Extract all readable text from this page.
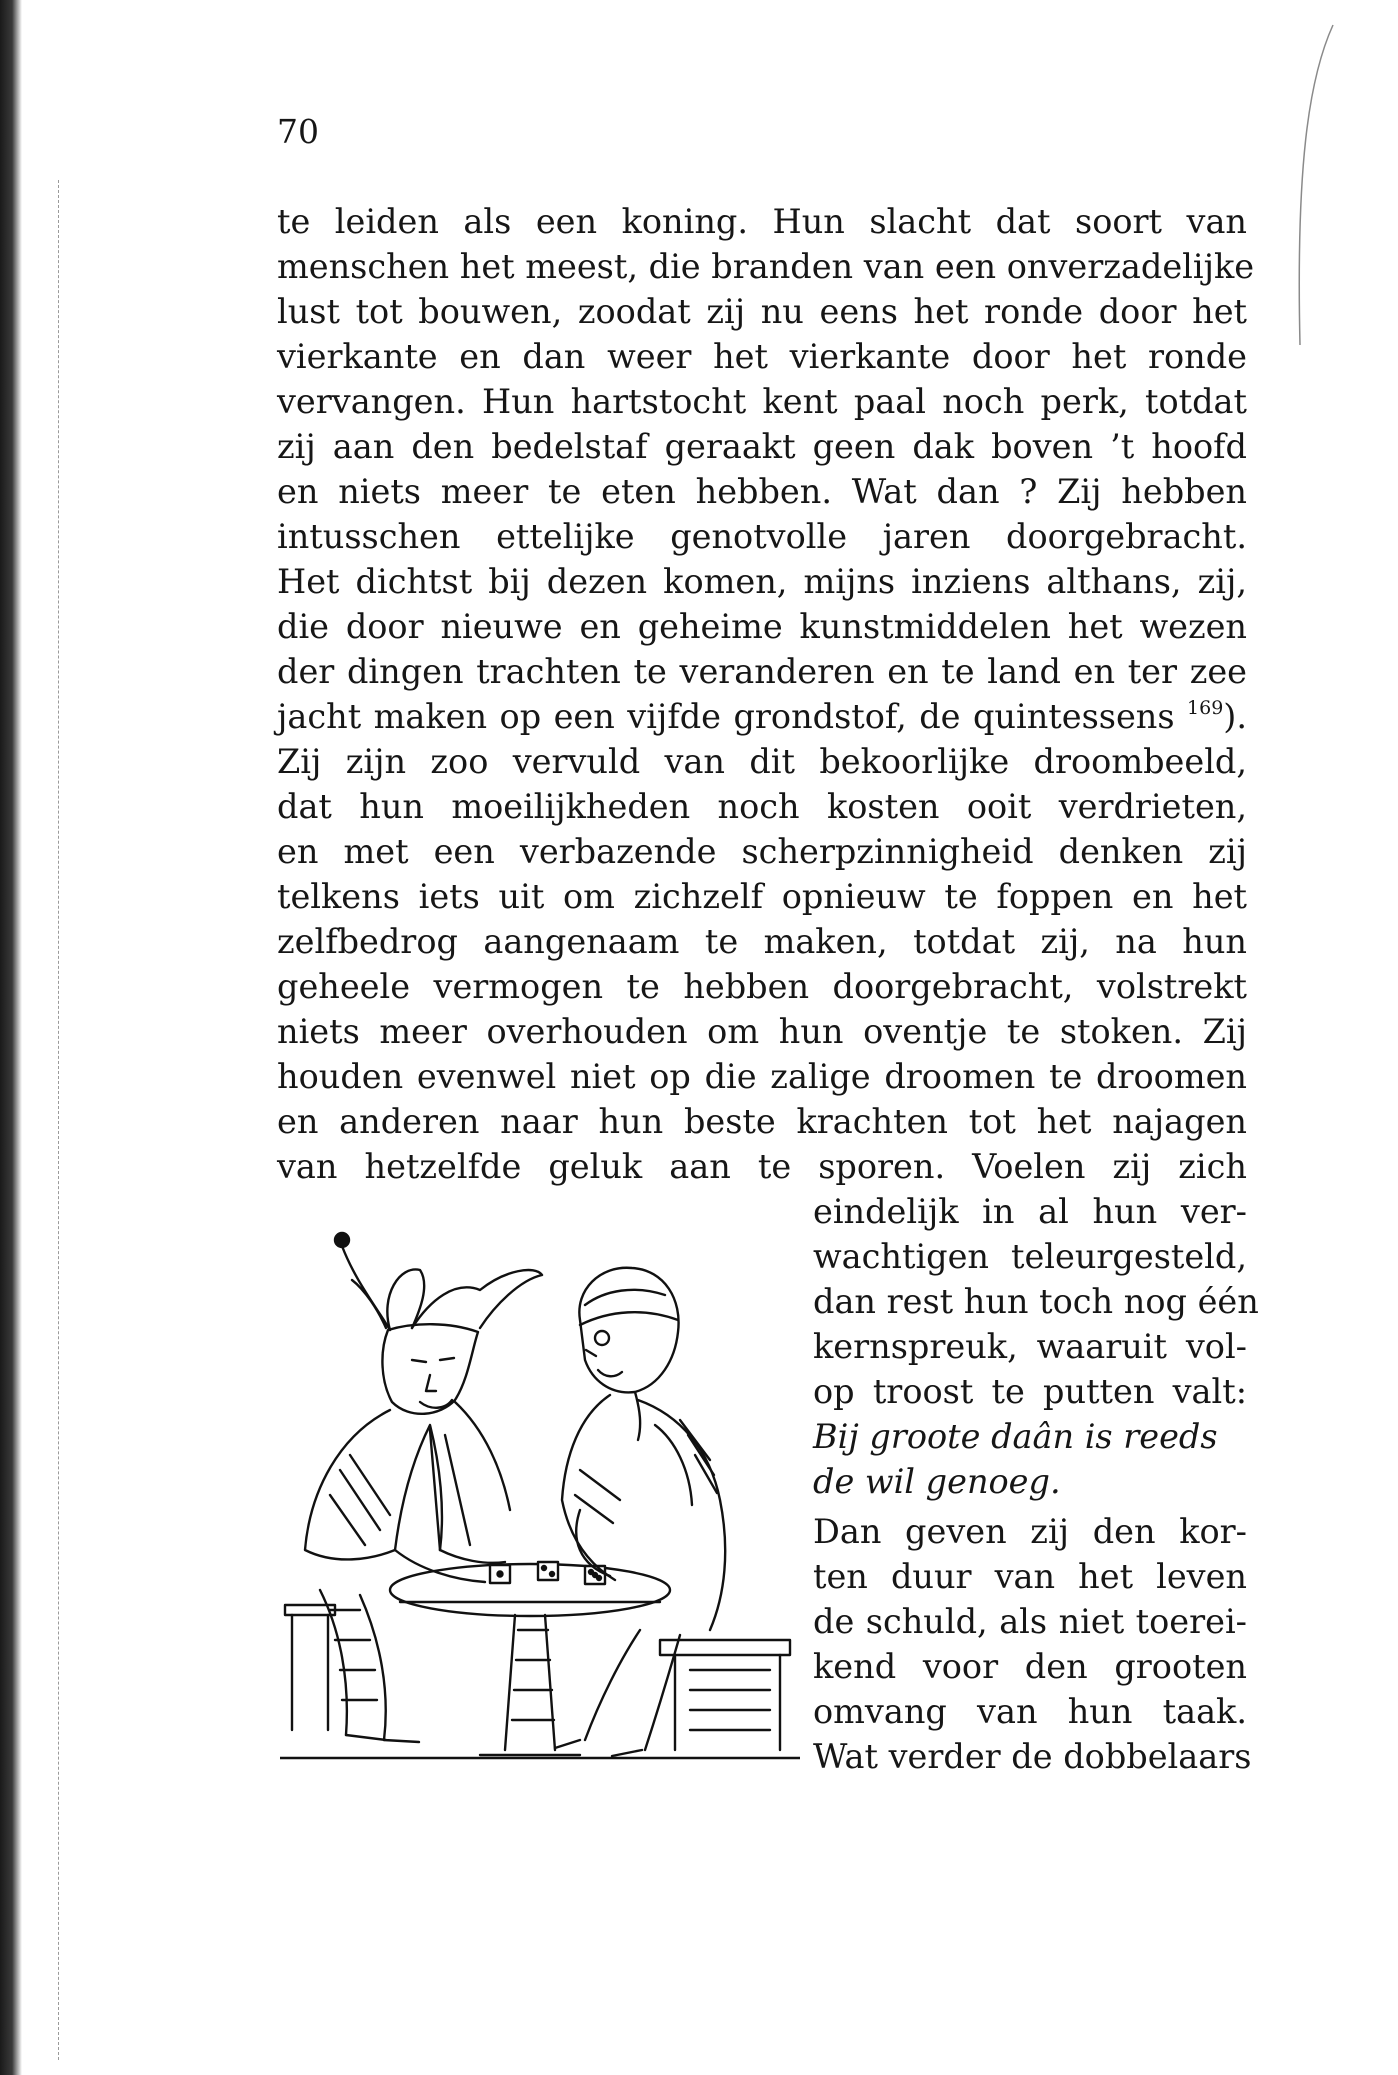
70
te leiden als een koning. Hun slacht dat soort van
menschen het meest, die branden van een onverzadelijke
lust tot bouwen, zoodat zij nu eens het ronde door het
vierkante en dan weer het vierkante door het ronde
vervangen. Hun hartstocht kent paal noch perk, totdat
zij aan den bedelstaf geraakt geen dak boven ’t hoofd
en niets meer te eten hebben. Wat dan ? Zij hebben
intusschen ettelijke genotvolle jaren doorgebracht.
Het dichtst bij dezen komen, mijns inziens althans, zij,
die door nieuwe en geheime kunstmiddelen het wezen
der dingen trachten te veranderen en te land en ter zee
jacht maken op een vijfde grondstof, de quintessens $^{169}$).
Zij zijn zoo vervuld van dit bekoorlijke droombeeld,
dat hun moeilijkheden noch kosten ooit verdrieten,
en met een verbazende scherpzinnigheid denken zij
telkens iets uit om zichzelf opnieuw te foppen en het
zelfbedrog aangenaam te maken, totdat zij, na hun
geheele vermogen te hebben doorgebracht, volstrekt
niets meer overhouden om hun oventje te stoken. Zij
houden evenwel niet op die zalige droomen te droomen
en anderen naar hun beste krachten tot het najagen
van hetzelfde geluk aan te sporen. Voelen zij zich
eindelijk in al hun ver-
wachtigen teleurgesteld,
dan rest hun toch nog één
kernspreuk, waaruit vol-
op troost te putten valt:
Bij groote daân is reeds
de wil genoeg.
Dan geven zij den kor-
ten duur van het leven
de schuld, als niet toerei-
kend voor den grooten
omvang van hun taak.
Wat verder de dobbelaars
